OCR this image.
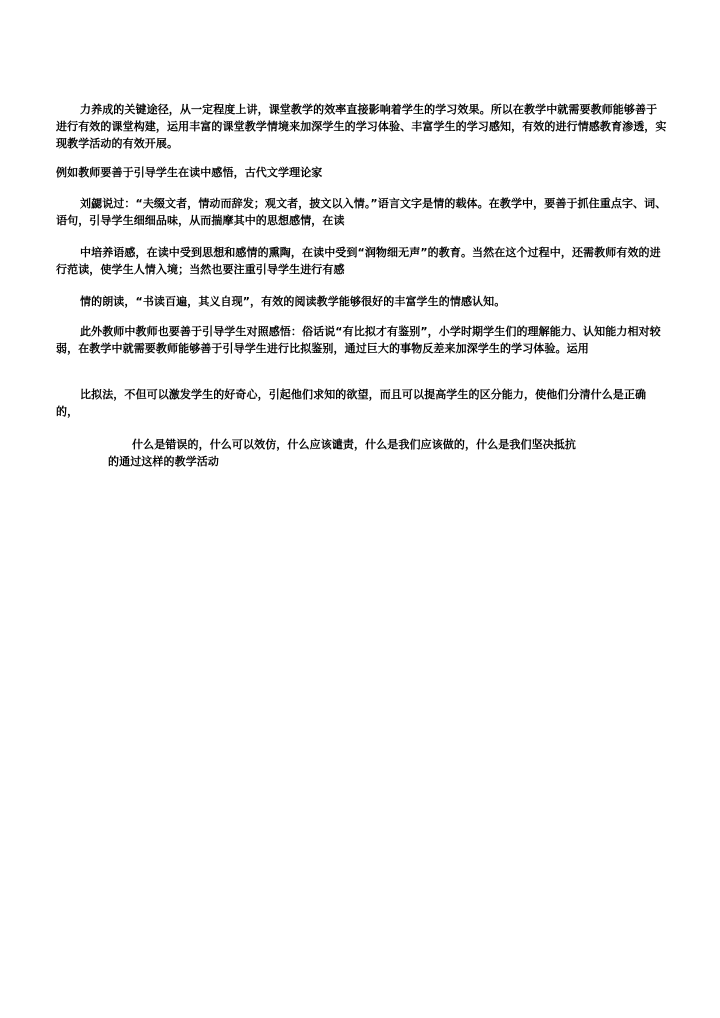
力养成的关键途径，从一定程度上讲，课堂教学的效率直接影响着学生的学习效果。所以在教学中就需要教师能够善于进行有效的课堂构建，运用丰富的课堂教学情境来加深学生的学习体验、丰富学生的学习感知，有效的进行情感教育渗透，实现教学活动的有效开展。

例如教师要善于引导学生在读中感悟，古代文学理论家

刘勰说过：“夫缀文者，情动而辞发；观文者，披文以入情。”语言文字是情的载体。在教学中，要善于抓住重点字、词、语句，引导学生细细品味，从而揣摩其中的思想感情，在读

中培养语感，在读中受到思想和感情的熏陶，在读中受到“润物细无声”的教育。当然在这个过程中，还需教师有效的进行范读，使学生人情入境；当然也要注重引导学生进行有感

情的朗读，“书读百遍，其义自现”，有效的阅读教学能够很好的丰富学生的情感认知。

此外教师中教师也要善于引导学生对照感悟：俗话说“有比拟才有鉴别”，小学时期学生们的理解能力、认知能力相对较弱，在教学中就需要教师能够善于引导学生进行比拟鉴别，通过巨大的事物反差来加深学生的学习体验。运用

比拟法，不但可以激发学生的好奇心，引起他们求知的欲望，而且可以提高学生的区分能力，使他们分清什么是正确的，

什么是错误的，什么可以效仿，什么应该谴责，什么是我们应该做的，什么是我们坚决抵抗的通过这样的教学活动
